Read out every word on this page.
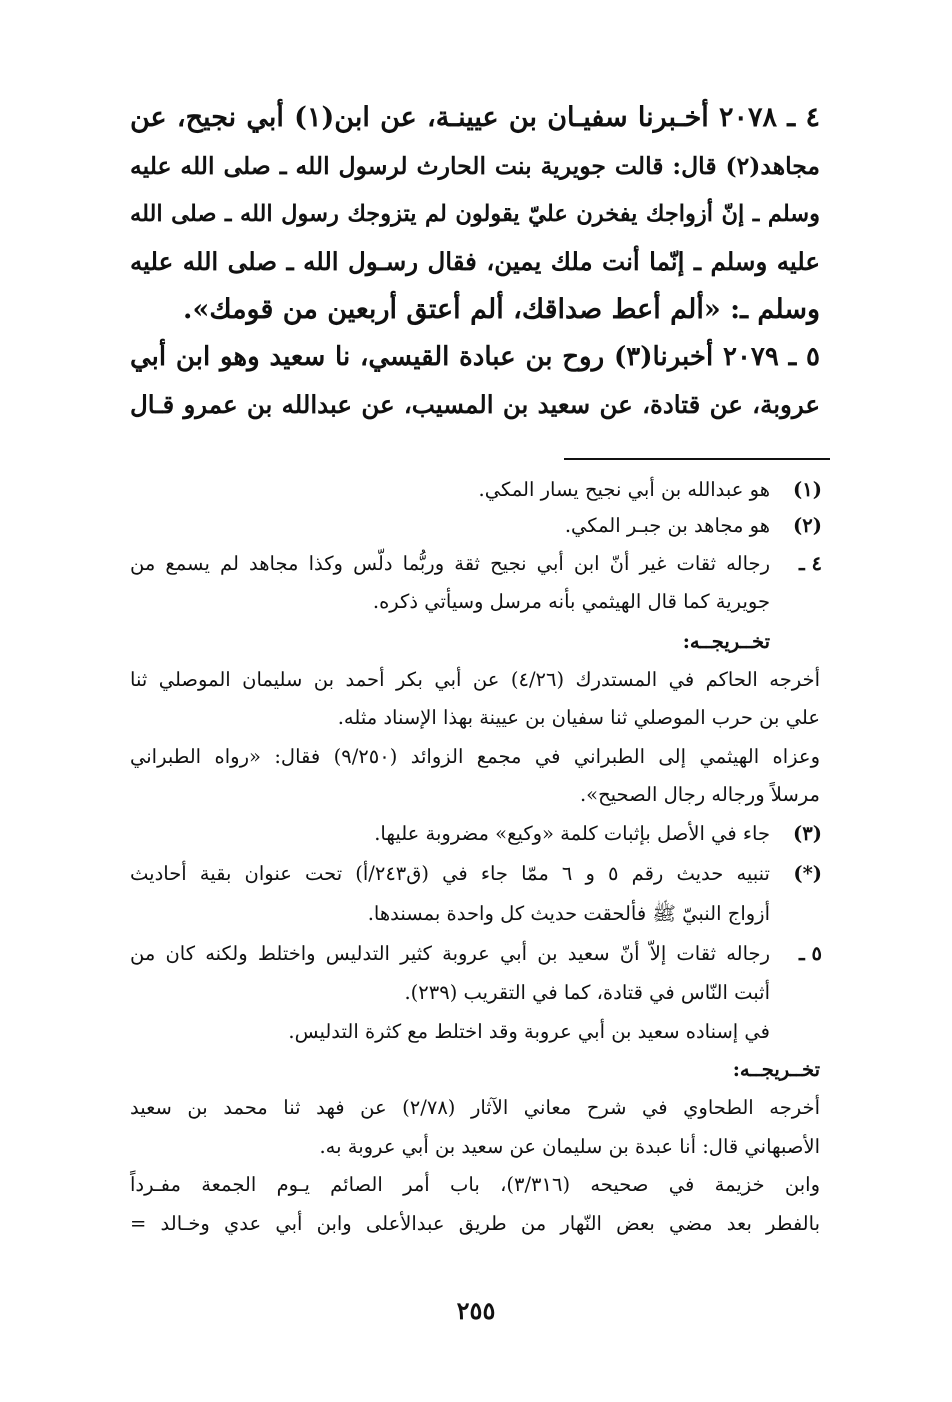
٤ ـ ٢٠٧٨ أخـبرنا سفيـان بن عيينـة، عن ابن(١) أبي نجيح، عن
مجاهد(٢) قال: قالت جويرية بنت الحارث لرسول الله ـ صلى الله عليه
وسلم ـ إنّ أزواجك يفخرن عليّ يقولون لم يتزوجك رسول الله ـ صلى الله
عليه وسلم ـ إنّما أنت ملك يمين، فقال رسـول الله ـ صلى الله عليه
وسلم ـ: «ألم أعط صداقك، ألم أعتق أربعين من قومك».
٥ ـ ٢٠٧٩ أخبرنا(٣) روح بن عبادة القيسي، نا سعيد وهو ابن أبي
عروبة، عن قتادة، عن سعيد بن المسيب، عن عبدالله بن عمرو قـال
(١)
هو عبدالله بن أبي نجيح يسار المكي.
(٢)
هو مجاهد بن جبـر المكي.
٤ ـ
رجاله ثقات غير أنّ ابن أبي نجيح ثقة وربُّما دلّس وكذا مجاهد لم يسمع من
جويرية كما قال الهيثمي بأنه مرسل وسيأتي ذكره.
تخــريجــه:
أخرجه الحاكم في المستدرك (٤/٢٦) عن أبي بكر أحمد بن سليمان الموصلي ثنا
علي بن حرب الموصلي ثنا سفيان بن عيينة بهذا الإسناد مثله.
وعزاه الهيثمي إلى الطبراني في مجمع الزوائد (٩/٢٥٠) فقال: «رواه الطبراني
مرسلاً ورجاله رجال الصحيح».
(٣)
جاء في الأصل بإثبات كلمة «وكيع» مضروبة عليها.
(*)
تنبيه حديث رقم ٥ و ٦ ممّا جاء في (ق٢٤٣/أ) تحت عنوان بقية أحاديث
أزواج النبيّ ﷺ فألحقت حديث كل واحدة بمسندها.
٥ ـ
رجاله ثقات إلاّ أنّ سعيد بن أبي عروبة كثير التدليس واختلط ولكنه كان من
أثبت النّاس في قتادة، كما في التقريب (٢٣٩).
في إسناده سعيد بن أبي عروبة وقد اختلط مع كثرة التدليس.
تخــريجــه:
أخرجه الطحاوي في شرح معاني الآثار (٢/٧٨) عن فهد ثنا محمد بن سعيد
الأصبهاني قال: أنا عبدة بن سليمان عن سعيد بن أبي عروبة به.
وابن خزيمة في صحيحه (٣/٣١٦)، باب أمر الصائم يـوم الجمعة مفـرداً
بالفطر بعد مضي بعض النّهار من طريق عبدالأعلى وابن أبي عدي وخـالد =
٢٥٥
